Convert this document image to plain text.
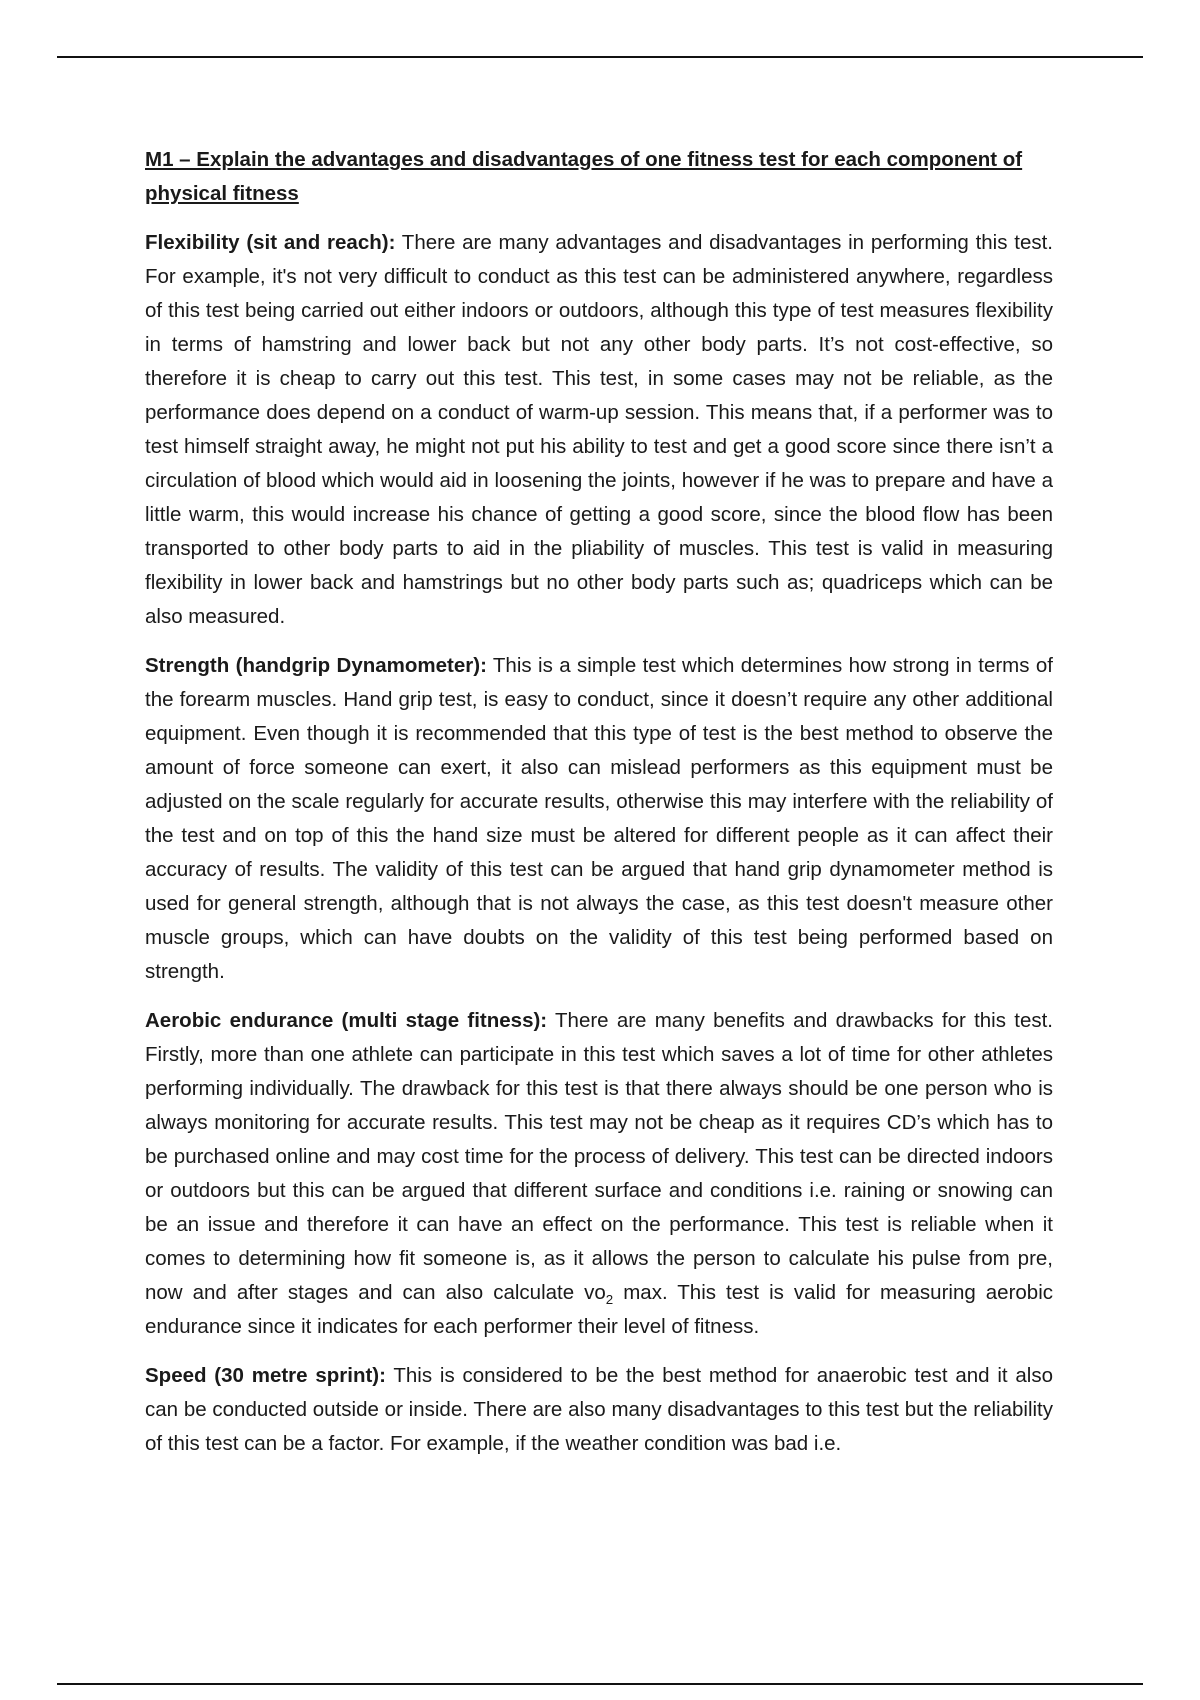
M1 – Explain the advantages and disadvantages of one fitness test for each component of physical fitness

Flexibility (sit and reach): There are many advantages and disadvantages in performing this test. For example, it's not very difficult to conduct as this test can be administered anywhere, regardless of this test being carried out either indoors or outdoors, although this type of test measures flexibility in terms of hamstring and lower back but not any other body parts. It’s not cost-effective, so therefore it is cheap to carry out this test. This test, in some cases may not be reliable, as the performance does depend on a conduct of warm-up session. This means that, if a performer was to test himself straight away, he might not put his ability to test and get a good score since there isn’t a circulation of blood which would aid in loosening the joints, however if he was to prepare and have a little warm, this would increase his chance of getting a good score, since the blood flow has been transported to other body parts to aid in the pliability of muscles. This test is valid in measuring flexibility in lower back and hamstrings but no other body parts such as; quadriceps which can be also measured.

Strength (handgrip Dynamometer): This is a simple test which determines how strong in terms of the forearm muscles. Hand grip test, is easy to conduct, since it doesn’t require any other additional equipment. Even though it is recommended that this type of test is the best method to observe the amount of force someone can exert, it also can mislead performers as this equipment must be adjusted on the scale regularly for accurate results, otherwise this may interfere with the reliability of the test and on top of this the hand size must be altered for different people as it can affect their accuracy of results. The validity of this test can be argued that hand grip dynamometer method is used for general strength, although that is not always the case, as this test doesn't measure other muscle groups, which can have doubts on the validity of this test being performed based on strength.

Aerobic endurance (multi stage fitness): There are many benefits and drawbacks for this test. Firstly, more than one athlete can participate in this test which saves a lot of time for other athletes performing individually. The drawback for this test is that there always should be one person who is always monitoring for accurate results. This test may not be cheap as it requires CD’s which has to be purchased online and may cost time for the process of delivery. This test can be directed indoors or outdoors but this can be argued that different surface and conditions i.e. raining or snowing can be an issue and therefore it can have an effect on the performance. This test is reliable when it comes to determining how fit someone is, as it allows the person to calculate his pulse from pre, now and after stages and can also calculate $vo_2$ max. This test is valid for measuring aerobic endurance since it indicates for each performer their level of fitness.

Speed (30 metre sprint): This is considered to be the best method for anaerobic test and it also can be conducted outside or inside. There are also many disadvantages to this test but the reliability of this test can be a factor. For example, if the weather condition was bad i.e.
